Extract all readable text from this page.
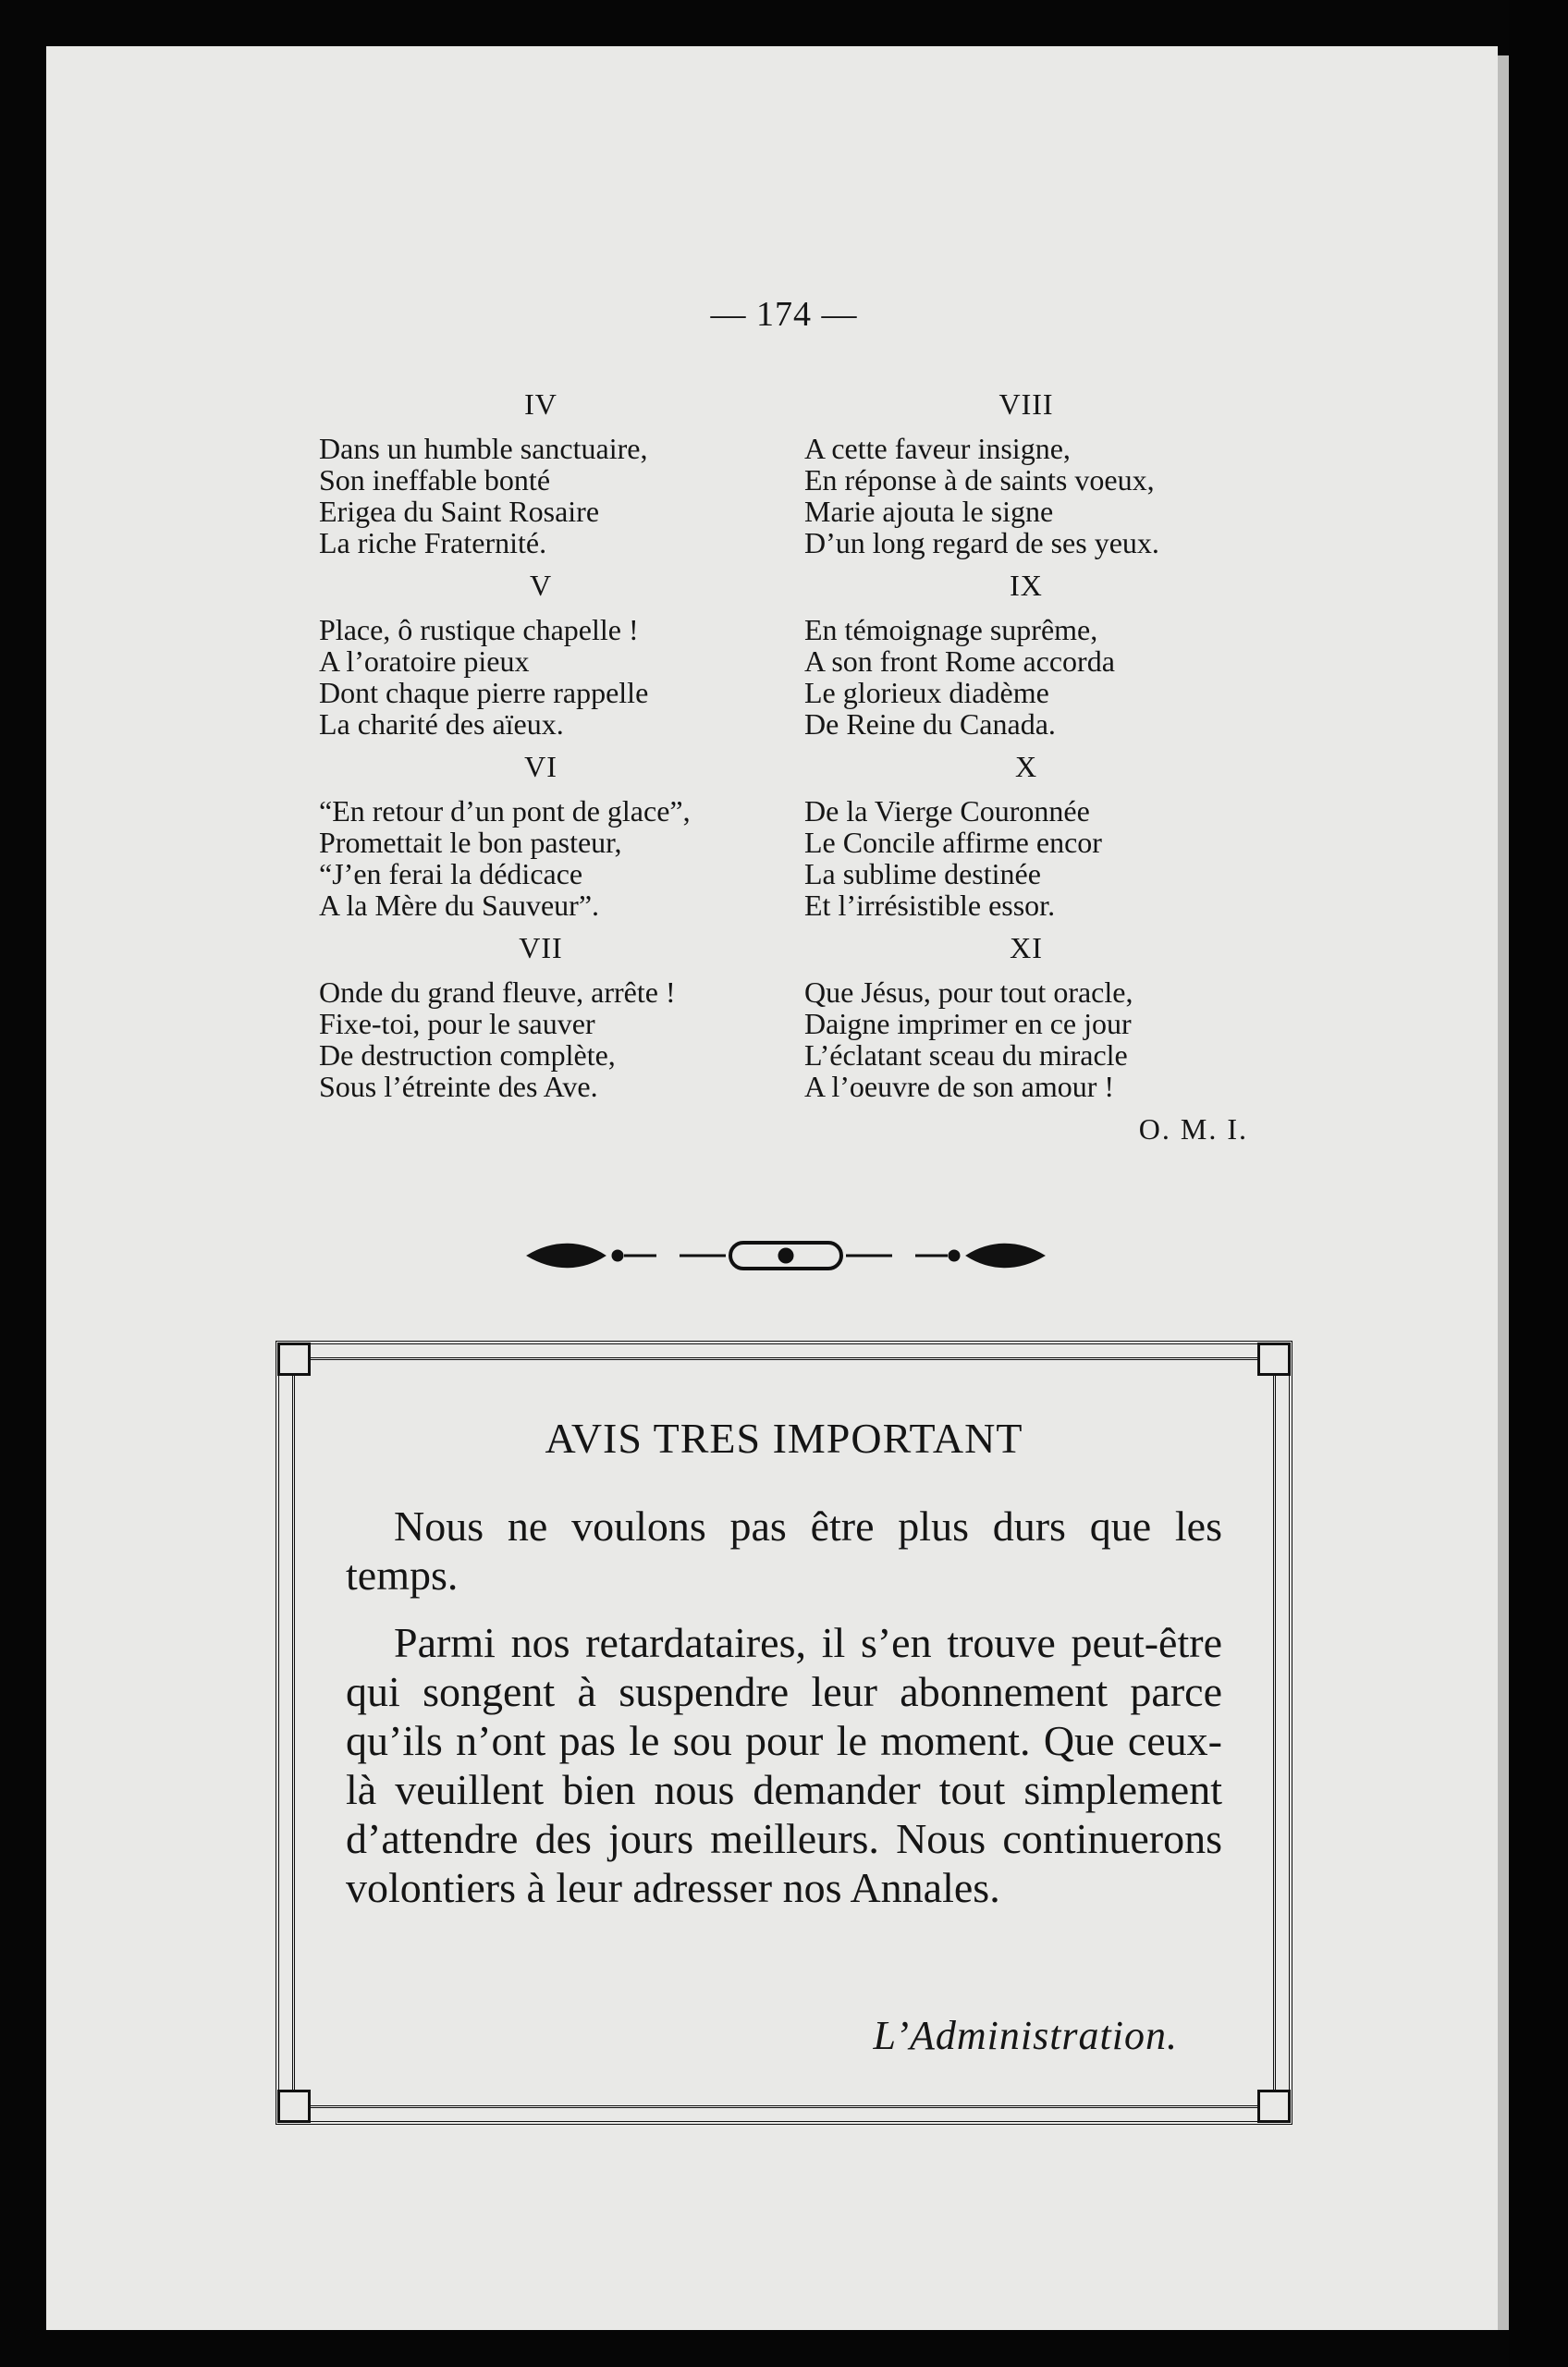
— 174 —
IV
Dans un humble sanctuaire,
Son ineffable bonté
Erigea du Saint Rosaire
La riche Fraternité.
V
Place, ô rustique chapelle !
A l’oratoire pieux
Dont chaque pierre rappelle
La charité des aïeux.
VI
“En retour d’un pont de glace”,
Promettait le bon pasteur,
“J’en ferai la dédicace
A la Mère du Sauveur”.
VII
Onde du grand fleuve, arrête !
Fixe-toi, pour le sauver
De destruction complète,
Sous l’étreinte des Ave.
VIII
A cette faveur insigne,
En réponse à de saints voeux,
Marie ajouta le signe
D’un long regard de ses yeux.
IX
En témoignage suprême,
A son front Rome accorda
Le glorieux diadème
De Reine du Canada.
X
De la Vierge Couronnée
Le Concile affirme encor
La sublime destinée
Et l’irrésistible essor.
XI
Que Jésus, pour tout oracle,
Daigne imprimer en ce jour
L’éclatant sceau du miracle
A l’oeuvre de son amour !
O. M. I.
AVIS TRES IMPORTANT

Nous ne voulons pas être plus durs que les temps.

Parmi nos retardataires, il s’en trouve peut-être qui songent à suspendre leur abonnement parce qu’ils n’ont pas le sou pour le moment. Que ceux-là veuillent bien nous demander tout simplement d’attendre des jours meilleurs. Nous continuerons volontiers à leur adresser nos Annales.

L’Administration.
